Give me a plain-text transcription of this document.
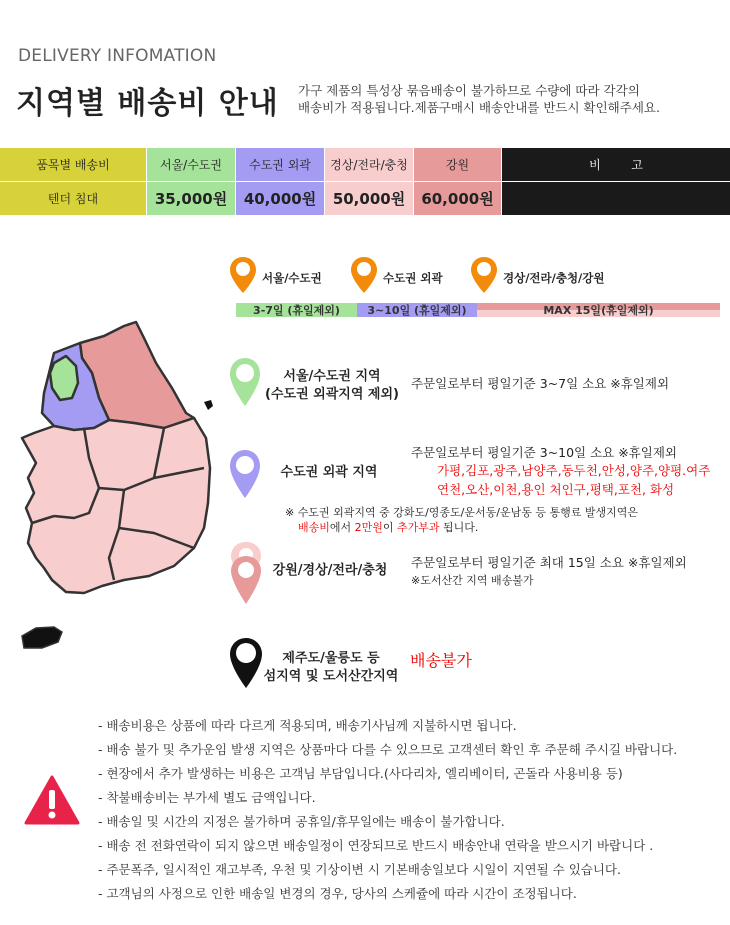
DELIVERY INFOMATION
지역별 배송비 안내 가구 제품의 특성상 묶음배송이 불가하므로 수량에 따라 각각의
배송비가 적용됩니다.제품구매시 배송안내를 반드시 확인해주세요.
품목별 배송비	서울/수도권	수도권 외곽	경상/전라/충청	강원	비        고
텐더 침대	35,000원	40,000원	50,000원	60,000원
3-7일 (휴일제외)	3~10일 (휴일제외)	MAX 15일(휴일제외)
서울/수도권	수도권 외곽	경상/전라/충청/강원
서울/수도권 지역
(수도권 외곽지역 제외)
주문일로부터 평일기준 3~7일 소요 ※휴일제외
수도권 외곽 지역
주문일로부터 평일기준 3~10일 소요 ※휴일제외
가평,김포,광주,남양주,동두천,안성,양주,양평.여주
연천,오산,이천,용인 처인구,평택,포천, 화성
※ 수도권 외곽지역 중 강화도/영종도/운서동/운남동 등 통행료 발생지역은
배송비에서 2만원이 추가부과 됩니다.
강원/경상/전라/충청
주문일로부터 평일기준 최대 15일 소요 ※휴일제외
※도서산간 지역 배송불가
제주도/울릉도 등
섬지역 및 도서산간지역
배송불가
- 배송비용은 상품에 따라 다르게 적용되며, 배송기사님께 지불하시면 됩니다.
- 배송 불가 및 추가운임 발생 지역은 상품마다 다를 수 있으므로 고객센터 확인 후 주문해 주시길 바랍니다.
- 현장에서 추가 발생하는 비용은 고객님 부담입니다.(사다리차, 엘리베이터, 곤돌라 사용비용 등)
- 착불배송비는 부가세 별도 금액입니다.
- 배송일 및 시간의 지정은 불가하며 공휴일/휴무일에는 배송이 불가합니다.
- 배송 전 전화연락이 되지 않으면 배송일정이 연장되므로 반드시 배송안내 연락을 받으시기 바랍니다 .
- 주문폭주, 일시적인 재고부족, 우천 및 기상이변 시 기본배송일보다 시일이 지연될 수 있습니다.
- 고객님의 사정으로 인한 배송일 변경의 경우, 당사의 스케쥴에 따라 시간이 조정됩니다.
